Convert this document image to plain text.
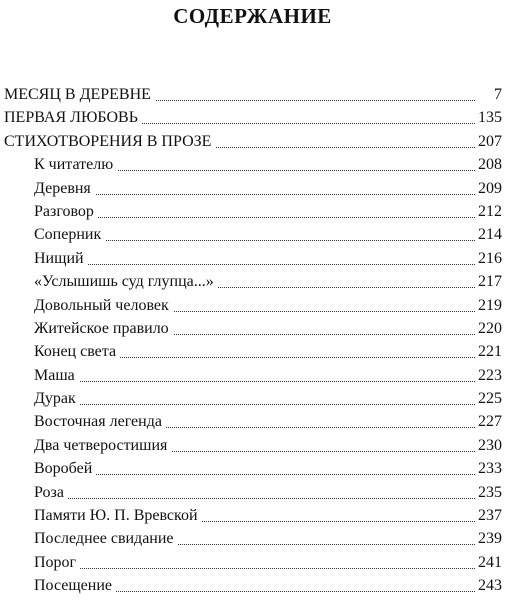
СОДЕРЖАНИЕ
МЕСЯЦ В ДЕРЕВНЕ	7
ПЕРВАЯ ЛЮБОВЬ	135
СТИХОТВОРЕНИЯ В ПРОЗЕ	207
К читателю	208
Деревня	209
Разговор	212
Соперник	214
Нищий	216
«Услышишь суд глупца...»	217
Довольный человек	219
Житейское правило	220
Конец света	221
Маша	223
Дурак	225
Восточная легенда	227
Два четверостишия	230
Воробей	233
Роза	235
Памяти Ю. П. Вревской	237
Последнее свидание	239
Порог	241
Посещение	243
